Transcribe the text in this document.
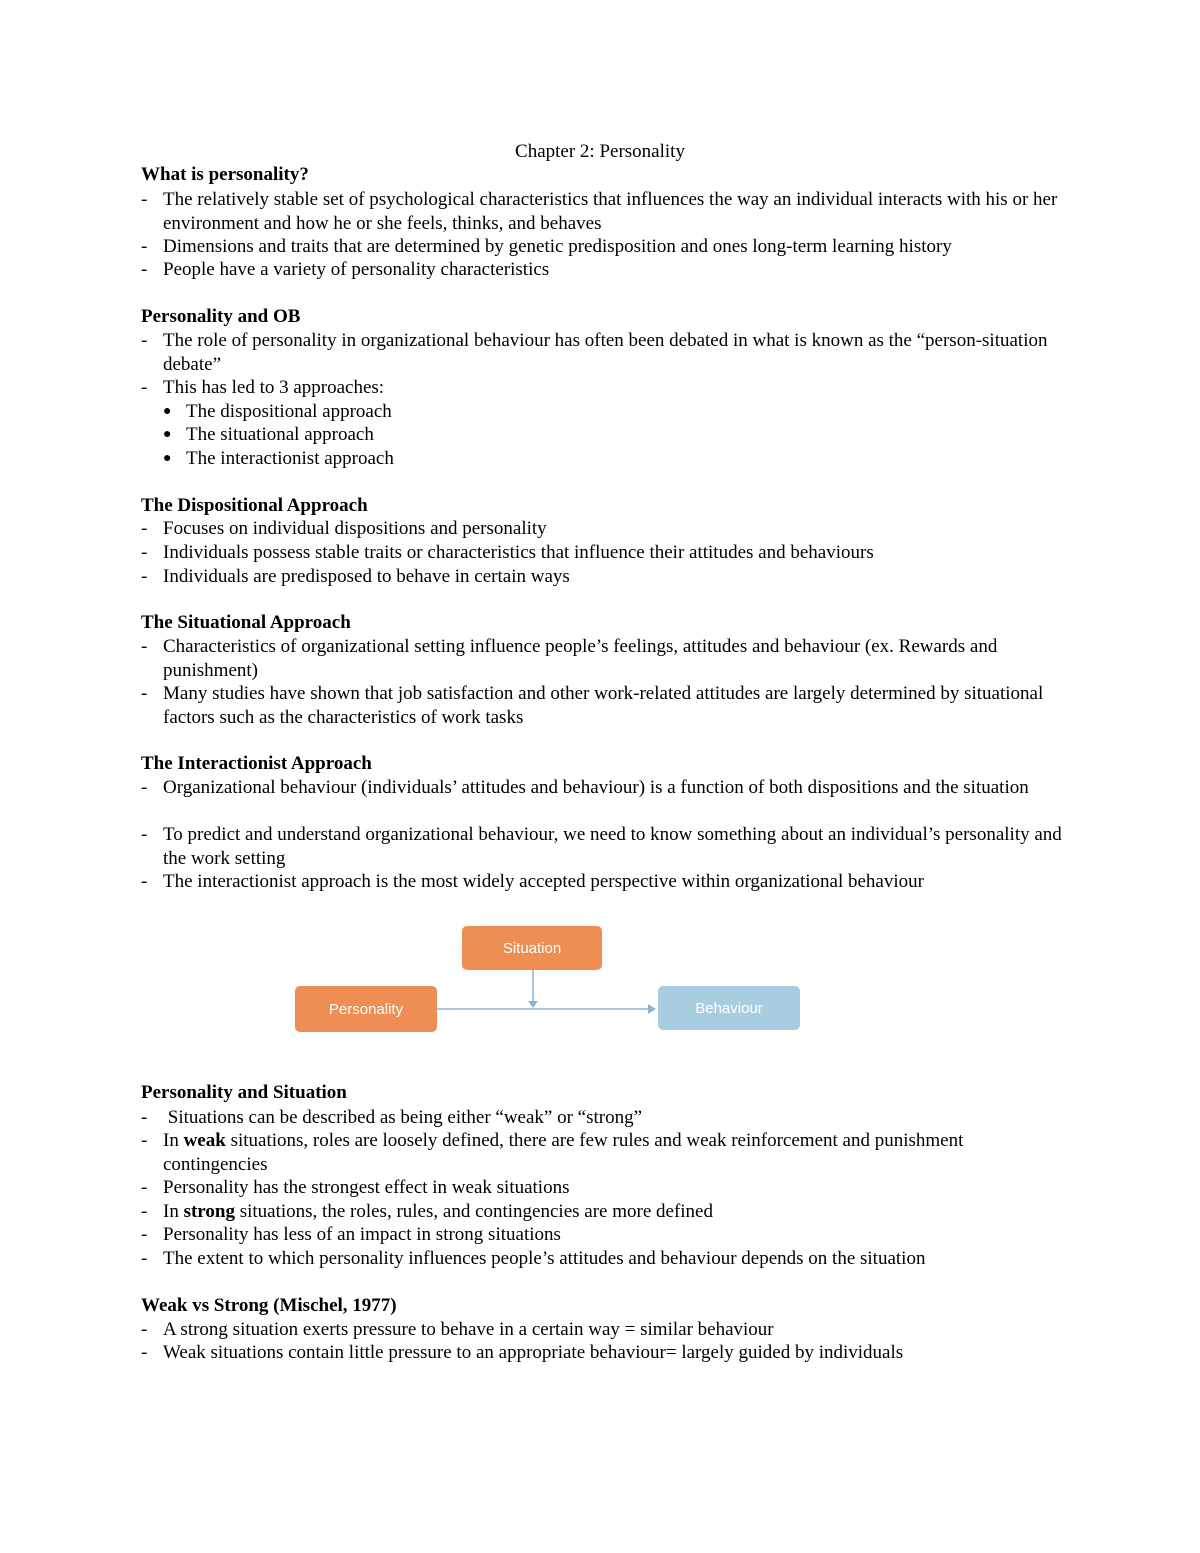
Chapter 2: Personality
What is personality?
- The relatively stable set of psychological characteristics that influences the way an individual interacts with his or her environment and how he or she feels, thinks, and behaves
- Dimensions and traits that are determined by genetic predisposition and ones long-term learning history
- People have a variety of personality characteristics
Personality and OB
- The role of personality in organizational behaviour has often been debated in what is known as the “person-situation debate”
- This has led to 3 approaches:
● The dispositional approach
● The situational approach
● The interactionist approach
The Dispositional Approach
- Focuses on individual dispositions and personality
- Individuals possess stable traits or characteristics that influence their attitudes and behaviours
- Individuals are predisposed to behave in certain ways
The Situational Approach
- Characteristics of organizational setting influence people’s feelings, attitudes and behaviour (ex. Rewards and punishment)
- Many studies have shown that job satisfaction and other work-related attitudes are largely determined by situational factors such as the characteristics of work tasks
The Interactionist Approach
- Organizational behaviour (individuals’ attitudes and behaviour) is a function of both dispositions and the situation
- To predict and understand organizational behaviour, we need to know something about an individual’s personality and the work setting
- The interactionist approach is the most widely accepted perspective within organizational behaviour
Situation
Personality	Behaviour
Personality and Situation
- Situations can be described as being either “weak” or “strong”
- In weak situations, roles are loosely defined, there are few rules and weak reinforcement and punishment contingencies
- Personality has the strongest effect in weak situations
- In strong situations, the roles, rules, and contingencies are more defined
- Personality has less of an impact in strong situations
- The extent to which personality influences people’s attitudes and behaviour depends on the situation
Weak vs Strong (Mischel, 1977)
- A strong situation exerts pressure to behave in a certain way = similar behaviour
- Weak situations contain little pressure to an appropriate behaviour= largely guided by individuals
